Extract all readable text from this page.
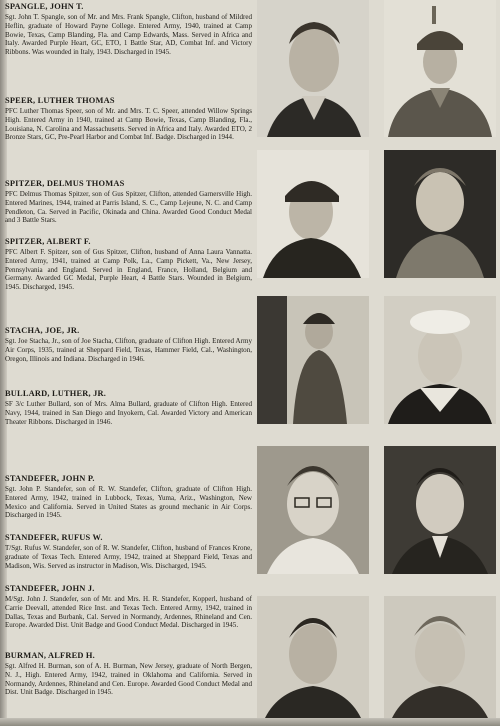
SPANGLE, JOHN T.

Sgt. John T. Spangle, son of Mr. and Mrs. Frank Spangle, Clifton, husband of Mildred Heflin, graduate of Howard Payne College. Entered Army, 1940, trained at Camp Bowie, Texas, Camp Blanding, Fla. and Camp Edwards, Mass. Served in Africa and Italy. Awarded Purple Heart, GC, ETO, 1 Battle Star, AD, Combat Inf. and Victory Ribbons. Was wounded in Italy, 1943. Discharged in 1945.

SPEER, LUTHER THOMAS

PFC Luther Thomas Speer, son of Mr. and Mrs. T. C. Speer, attended Willow Springs High. Entered Army in 1940, trained at Camp Bowie, Texas, Camp Blanding, Fla., Louisiana, N. Carolina and Massachusetts. Served in Africa and Italy. Awarded ETO, 2 Bronze Stars, GC, Pre-Pearl Harbor and Combat Inf. Badge. Discharged in 1944.

SPITZER, DELMUS THOMAS

PFC Delmus Thomas Spitzer, son of Gus Spitzer, Clifton, attended Garnersville High. Entered Marines, 1944, trained at Parris Island, S. C., Camp Lejeune, N. C. and Camp Pendleton, Ca. Served in Pacific, Okinada and China. Awarded Good Conduct Medal and 3 Battle Stars.

SPITZER, ALBERT F.

PFC Albert F. Spitzer, son of Gus Spitzer, Clifton, husband of Anna Laura Vannatta. Entered Army, 1941, trained at Camp Polk, La., Camp Pickett, Va., New Jersey, Pennsylvania and England. Served in England, France, Holland, Belgium and Germany. Awarded GC Medal, Purple Heart, 4 Battle Stars. Wounded in Belgium, 1945. Discharged, 1945.

STACHA, JOE, JR.

Sgt. Joe Stacha, Jr., son of Joe Stacha, Clifton, graduate of Clifton High. Entered Army Air Corps, 1935, trained at Sheppard Field, Texas, Hammer Field, Cal., Washington, Oregon, Illinois and Indiana. Discharged in 1946.

BULLARD, LUTHER, JR.

SF 3/c Luther Bullard, son of Mrs. Alma Bullard, graduate of Clifton High. Entered Navy, 1944, trained in San Diego and Inyokern, Cal. Awarded Victory and American Theater Ribbons. Discharged in 1946.

STANDEFER, JOHN P.

Sgt. John P. Standefer, son of R. W. Standefer, Clifton, graduate of Clifton High. Entered Army, 1942, trained in Lubbock, Texas, Yuma, Ariz., Washington, New Mexico and California. Served in United States as ground mechanic in Air Corps. Discharged in 1945.

STANDEFER, RUFUS W.

T/Sgt. Rufus W. Standefer, son of R. W. Standefer, Clifton, husband of Frances Krone, graduate of Texas Tech. Entered Army, 1942, trained at Sheppard Field, Texas and Madison, Wis. Served as instructor in Madison, Wis. Discharged, 1945.

STANDEFER, JOHN J.

M/Sgt. John J. Standefer, son of Mr. and Mrs. H. R. Standefer, Kopperl, husband of Carrie Deevall, attended Rice Inst. and Texas Tech. Entered Army, 1942, trained in Dallas, Texas and Burbank, Cal. Served in Normandy, Ardennes, Rhineland and Cen. Europe. Awarded Dist. Unit Badge and Good Conduct Medal. Discharged in 1945.

BURMAN, ALFRED H.

Sgt. Alfred H. Burman, son of A. H. Burman, New Jersey, graduate of North Bergen, N. J., High. Entered Army, 1942, trained in Oklahoma and California. Served in Normandy, Ardennes, Rhineland and Cen. Europe. Awarded Good Conduct Medal and Dist. Unit Badge. Discharged in 1945.
